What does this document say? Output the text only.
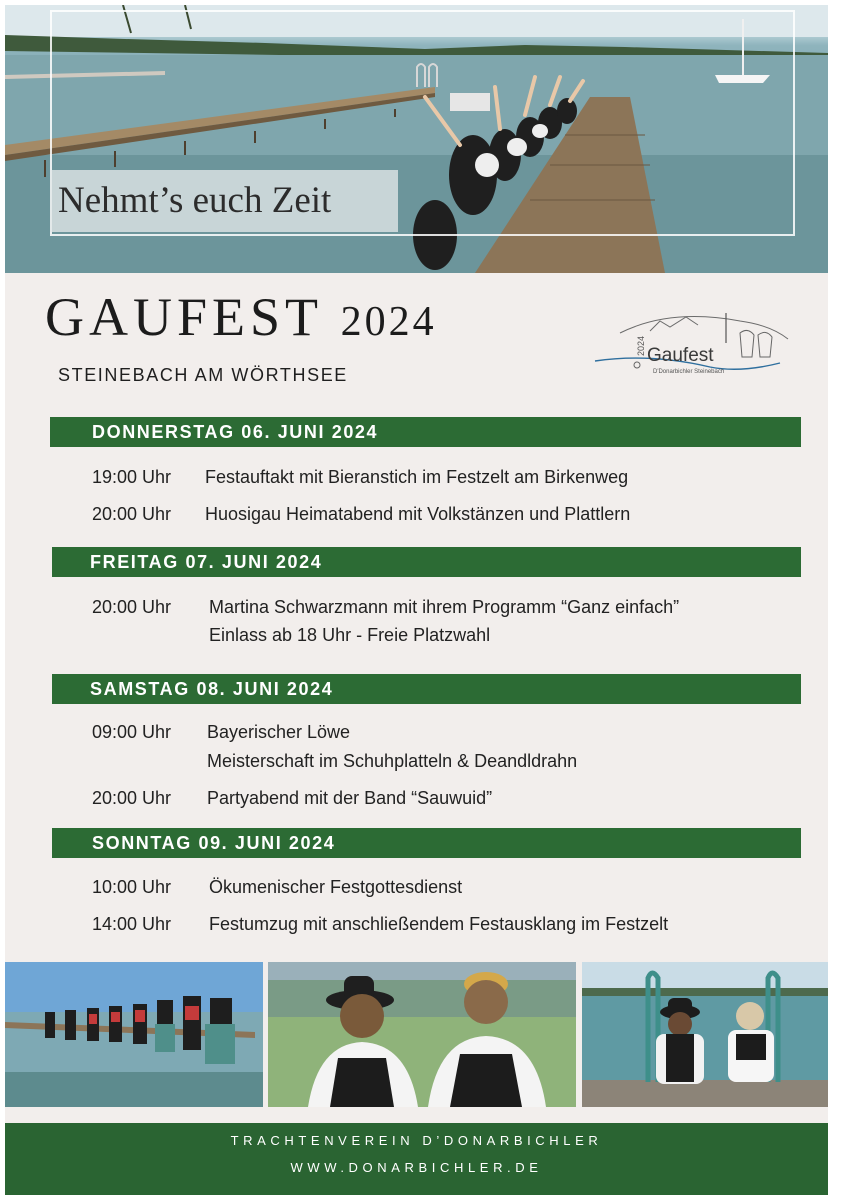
Nehmt’s euch Zeit
GAUFEST 2024
STEINEBACH AM WÖRTHSEE
2024 Gaufest
D'Donarbichler Steinebach
DONNERSTAG 06. JUNI 2024
19:00 Uhr Festauftakt mit Bieranstich im Festzelt am Birkenweg
20:00 Uhr Huosigau Heimatabend mit Volkstänzen und Plattlern
FREITAG 07. JUNI 2024
20:00 Uhr Martina Schwarzmann mit ihrem Programm “Ganz einfach”
Einlass ab 18 Uhr - Freie Platzwahl
SAMSTAG 08. JUNI 2024
09:00 Uhr Bayerischer Löwe
Meisterschaft im Schuhplatteln & Deandldrahn
20:00 Uhr Partyabend mit der Band “Sauwuid”
SONNTAG 09. JUNI 2024
10:00 Uhr Ökumenischer Festgottesdienst
14:00 Uhr Festumzug mit anschließendem Festausklang im Festzelt
TRACHTENVEREIN D’DONARBICHLER
WWW.DONARBICHLER.DE
